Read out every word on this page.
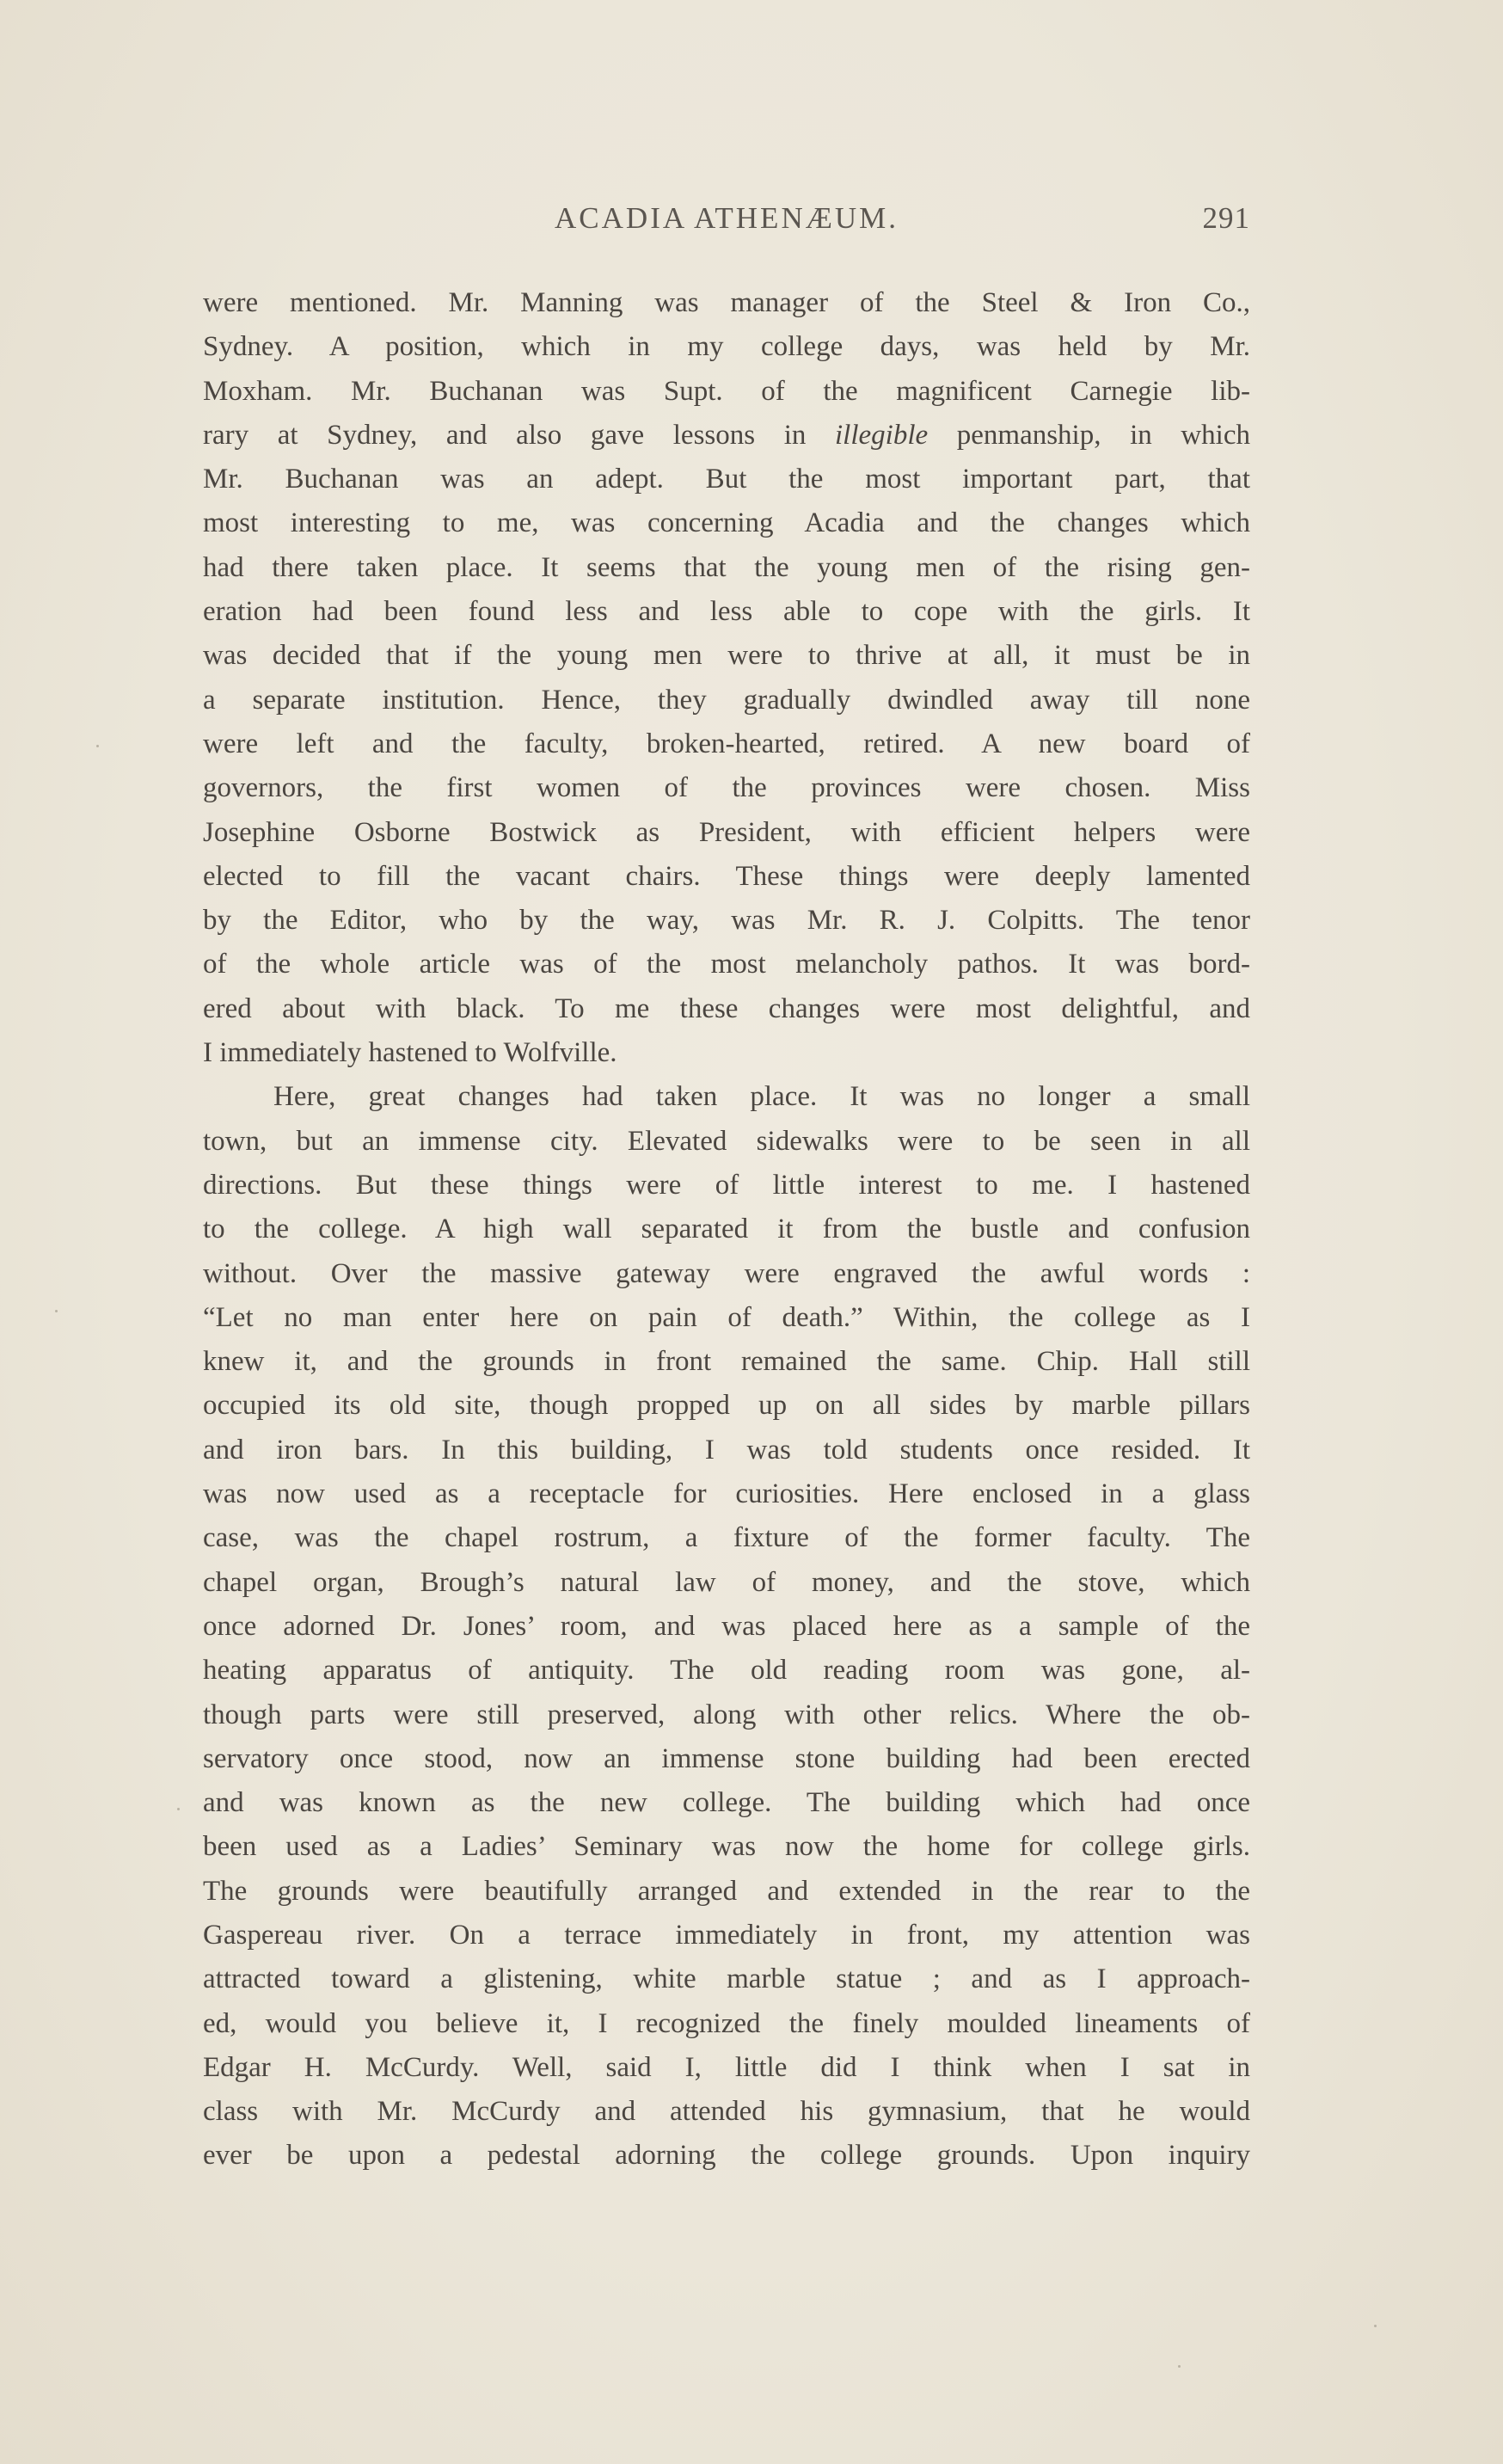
ACADIA ATHENÆUM.	291
were mentioned. Mr. Manning was manager of the Steel & Iron Co.,
Sydney. A position, which in my college days, was held by Mr.
Moxham. Mr. Buchanan was Supt. of the magnificent Carnegie lib-
rary at Sydney, and also gave lessons in illegible penmanship, in which
Mr. Buchanan was an adept. But the most important part, that
most interesting to me, was concerning Acadia and the changes which
had there taken place. It seems that the young men of the rising gen-
eration had been found less and less able to cope with the girls. It
was decided that if the young men were to thrive at all, it must be in
a separate institution. Hence, they gradually dwindled away till none
were left and the faculty, broken-hearted, retired. A new board of
governors, the first women of the provinces were chosen. Miss
Josephine Osborne Bostwick as President, with efficient helpers were
elected to fill the vacant chairs. These things were deeply lamented
by the Editor, who by the way, was Mr. R. J. Colpitts. The tenor
of the whole article was of the most melancholy pathos. It was bord-
ered about with black. To me these changes were most delightful, and
I immediately hastened to Wolfville.
Here, great changes had taken place. It was no longer a small
town, but an immense city. Elevated sidewalks were to be seen in all
directions. But these things were of little interest to me. I hastened
to the college. A high wall separated it from the bustle and confusion
without. Over the massive gateway were engraved the awful words :
“Let no man enter here on pain of death.” Within, the college as I
knew it, and the grounds in front remained the same. Chip. Hall still
occupied its old site, though propped up on all sides by marble pillars
and iron bars. In this building, I was told students once resided. It
was now used as a receptacle for curiosities. Here enclosed in a glass
case, was the chapel rostrum, a fixture of the former faculty. The
chapel organ, Brough’s natural law of money, and the stove, which
once adorned Dr. Jones’ room, and was placed here as a sample of the
heating apparatus of antiquity. The old reading room was gone, al-
though parts were still preserved, along with other relics. Where the ob-
servatory once stood, now an immense stone building had been erected
and was known as the new college. The building which had once
been used as a Ladies’ Seminary was now the home for college girls.
The grounds were beautifully arranged and extended in the rear to the
Gaspereau river. On a terrace immediately in front, my attention was
attracted toward a glistening, white marble statue ; and as I approach-
ed, would you believe it, I recognized the finely moulded lineaments of
Edgar H. McCurdy. Well, said I, little did I think when I sat in
class with Mr. McCurdy and attended his gymnasium, that he would
ever be upon a pedestal adorning the college grounds. Upon inquiry
